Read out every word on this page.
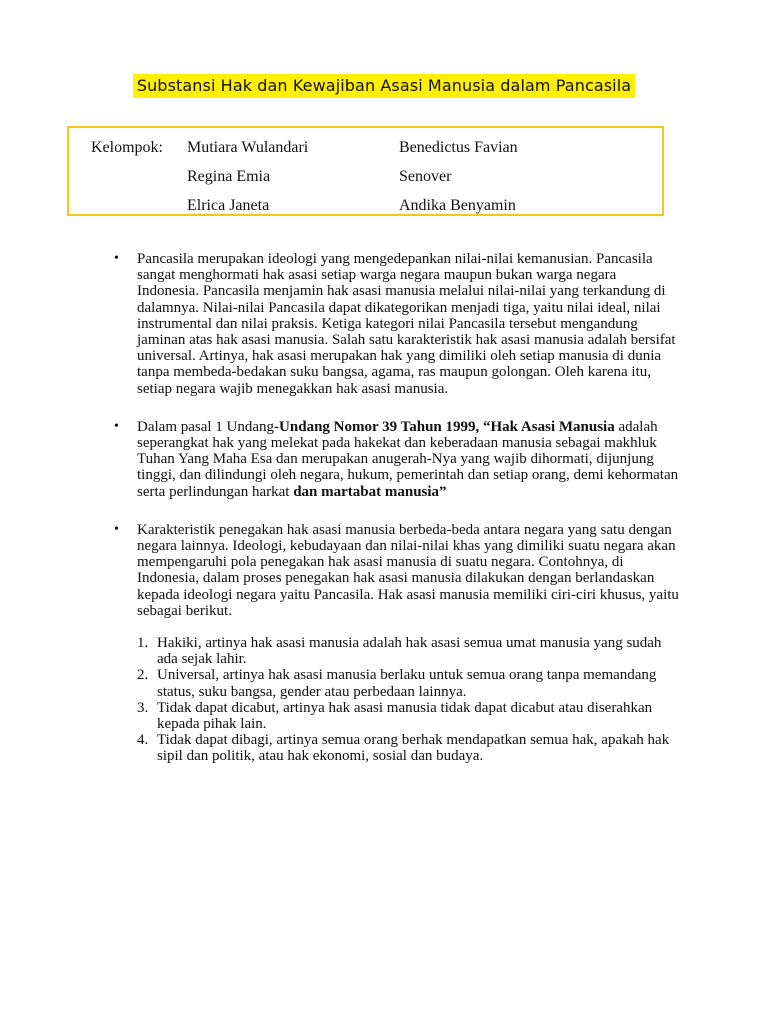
Substansi Hak dan Kewajiban Asasi Manusia dalam Pancasila
Kelompok: Mutiara Wulandari
Regina Emia
Elrica Janeta
Benedictus Favian
Senover
Andika Benyamin

• Pancasila merupakan ideologi yang mengedepankan nilai-nilai kemanusian. Pancasila sangat menghormati hak asasi setiap warga negara maupun bukan warga negara Indonesia. Pancasila menjamin hak asasi manusia melalui nilai-nilai yang terkandung di dalamnya. Nilai-nilai Pancasila dapat dikategorikan menjadi tiga, yaitu nilai ideal, nilai instrumental dan nilai praksis. Ketiga kategori nilai Pancasila tersebut mengandung jaminan atas hak asasi manusia. Salah satu karakteristik hak asasi manusia adalah bersifat universal. Artinya, hak asasi merupakan hak yang dimiliki oleh setiap manusia di dunia tanpa membeda-bedakan suku bangsa, agama, ras maupun golongan. Oleh karena itu, setiap negara wajib menegakkan hak asasi manusia.

• Dalam pasal 1 Undang-Undang Nomor 39 Tahun 1999, “Hak Asasi Manusia adalah seperangkat hak yang melekat pada hakekat dan keberadaan manusia sebagai makhluk Tuhan Yang Maha Esa dan merupakan anugerah-Nya yang wajib dihormati, dijunjung tinggi, dan dilindungi oleh negara, hukum, pemerintah dan setiap orang, demi kehormatan serta perlindungan harkat dan martabat manusia”

• Karakteristik penegakan hak asasi manusia berbeda-beda antara negara yang satu dengan negara lainnya. Ideologi, kebudayaan dan nilai-nilai khas yang dimiliki suatu negara akan mempengaruhi pola penegakan hak asasi manusia di suatu negara. Contohnya, di Indonesia, dalam proses penegakan hak asasi manusia dilakukan dengan berlandaskan kepada ideologi negara yaitu Pancasila. Hak asasi manusia memiliki ciri-ciri khusus, yaitu sebagai berikut.

1. Hakiki, artinya hak asasi manusia adalah hak asasi semua umat manusia yang sudah ada sejak lahir.
2. Universal, artinya hak asasi manusia berlaku untuk semua orang tanpa memandang status, suku bangsa, gender atau perbedaan lainnya.
3. Tidak dapat dicabut, artinya hak asasi manusia tidak dapat dicabut atau diserahkan kepada pihak lain.
4. Tidak dapat dibagi, artinya semua orang berhak mendapatkan semua hak, apakah hak sipil dan politik, atau hak ekonomi, sosial dan budaya.
